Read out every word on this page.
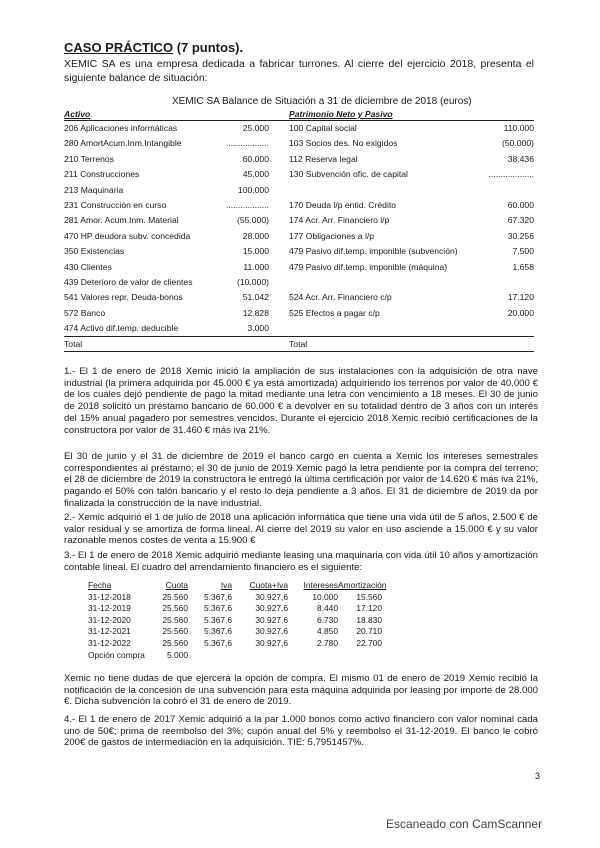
CASO PRÁCTICO (7 puntos).
XEMIC SA es una empresa dedicada a fabricar turrones. Al cierre del ejercicio 2018, presenta el siguiente balance de situación:
XEMIC SA Balance de Situación a 31 de diciembre de 2018 (euros)
Activo	Patrimonio Neto y Pasivo
206 Aplicaciones informáticas	25.000	100 Capital social	110.000
280 AmortAcum.Inm.Intangible	..................	103 Socios des. No exigidos	(50.000)
210 Terrenos	60.000	112 Reserva legal	38.436
211 Construcciones	45.000	130 Subvención ofic. de capital	...................
213 Maquinaria	100.000
231 Construcción en curso	..................	170 Deuda l/p entid. Crédito	60.000
281 Amor. Acum.Inm. Material	(55.000)	174 Acr. Arr. Financiero l/p	67.320
470 HP deudora subv. concedida	28.000	177 Obligaciones a l/p	30.256
350 Existencias	15.000	479 Pasivo dif.temp. imponible (subvención)	7.500
430 Clientes	11.000	479 Pasivo dif.temp. imponible (máquina)	1.658
439 Deterioro de valor de clientes	(10.000)
541 Valores repr. Deuda-bonos	51.042	524 Acr. Arr. Financiero c/p	17.120
572 Banco	12.828	525 Efectos a pagar c/p	20.000
474 Activo dif.temp. deducible	3.000
Total	Total
1.- El 1 de enero de 2018 Xemic inició la ampliación de sus instalaciones con la adquisición de otra nave industrial (la primera adquirida por 45.000 € ya está amortizada) adquiriendo los terrenos por valor de 40.000 € de los cuales dejó pendiente de pago la mitad mediante una letra con vencimiento a 18 meses. El 30 de junio de 2018 solicitó un préstamo bancario de 60.000 € a devolver en su totalidad dentro de 3 años con un interés del 15% anual pagadero por semestres vencidos. Durante el ejercicio 2018 Xemic recibió certificaciones de la constructora por valor de 31.460 € más iva 21%.
El 30 de junio y el 31 de diciembre de 2019 el banco cargó en cuenta a Xemic los intereses semestrales correspondientes al préstamo; el 30 de junio de 2019 Xemic pagó la letra pendiente por la compra del terreno; el 28 de diciembre de 2019 la constructora le entregó la última certificación por valor de 14.620 € más iva 21%, pagando el 50% con talón bancario y el resto lo deja pendiente a 3 años. El 31 de diciembre de 2019 da por finalizada la construcción de la nave industrial.
2.- Xemic adquirió el 1 de julio de 2018 una aplicación informática que tiene una vida útil de 5 años, 2.500 € de valor residual y se amortiza de forma lineal. Al cierre del 2019 su valor en uso asciende a 15.000 € y su valor razonable menos costes de venta a 15.900 €
3.- El 1 de enero de 2018 Xemic adquirió mediante leasing una maquinaria con vida útil 10 años y amortización contable lineal. El cuadro del arrendamiento financiero es el siguiente:
Fecha	Cuota	Iva	Cuota+Iva	Intereses Amortización
31-12-2018	25.560	5.367,6	30.927,6	10.000	15.560
31-12-2019	25.560	5.367,6	30.927,6	8.440	17.120
31-12-2020	25.560	5.367,6	30.927,6	6.730	18.830
31-12-2021	25.560	5.367,6	30.927,6	4.850	20.710
31-12-2022	25.560	5.367,6	30.927,6	2.780	22.700
Opción compra	5.000
Xemic no tiene dudas de que ejercerá la opción de compra. El mismo 01 de enero de 2019 Xemic recibió la notificación de la concesión de una subvención para esta máquina adquirida por leasing por importe de 28.000 €. Dicha subvención la cobró el 31 de enero de 2019.
4.- El 1 de enero de 2017 Xemic adquirió a la par 1.000 bonos como activo financiero con valor nominal cada uno de 50€; prima de reembolso del 3%; cupón anual del 5% y reembolso el 31-12-2019. El banco le cobró 200€ de gastos de intermediación en la adquisición. TIE: 5,7951457%.
3
Escaneado con CamScanner
